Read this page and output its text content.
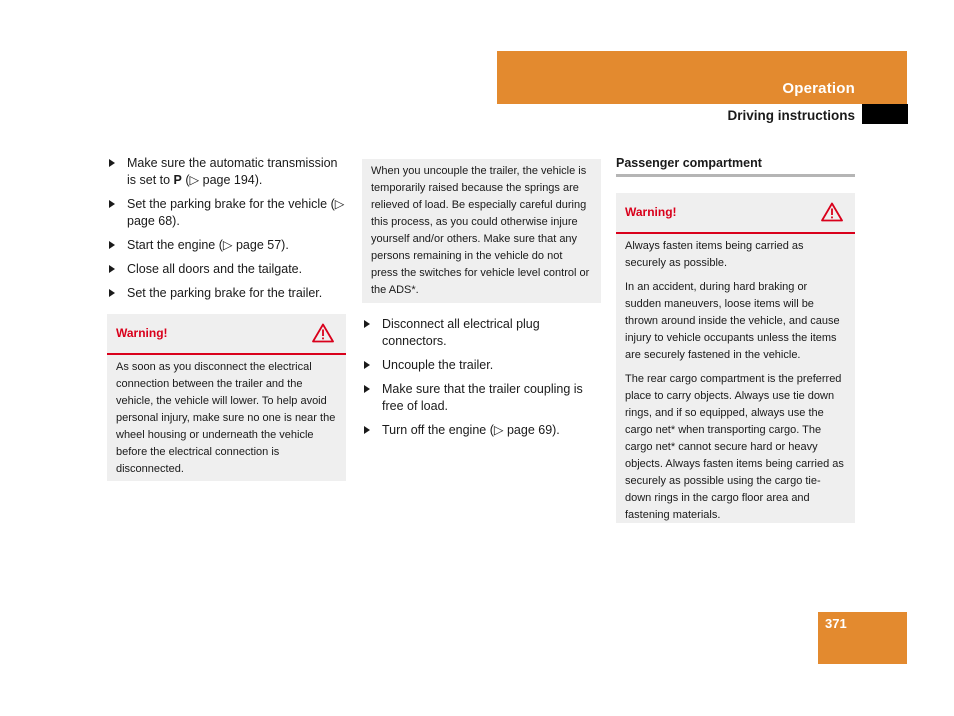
Operation
Driving instructions
Make sure the automatic transmission is set to P (▷ page 194).
Set the parking brake for the vehicle (▷ page 68).
Start the engine (▷ page 57).
Close all doors and the tailgate.
Set the parking brake for the trailer.
Warning!
As soon as you disconnect the electrical connection between the trailer and the vehicle, the vehicle will lower. To help avoid personal injury, make sure no one is near the wheel housing or underneath the vehicle before the electrical connection is disconnected.
When you uncouple the trailer, the vehicle is temporarily raised because the springs are relieved of load. Be especially careful during this process, as you could otherwise injure yourself and/or others. Make sure that any persons remaining in the vehicle do not press the switches for vehicle level control or the ADS*.
Disconnect all electrical plug connectors.
Uncouple the trailer.
Make sure that the trailer coupling is free of load.
Turn off the engine (▷ page 69).
Passenger compartment
Warning!

Always fasten items being carried as securely as possible.

In an accident, during hard braking or sudden maneuvers, loose items will be thrown around inside the vehicle, and cause injury to vehicle occupants unless the items are securely fastened in the vehicle.

The rear cargo compartment is the preferred place to carry objects. Always use tie down rings, and if so equipped, always use the cargo net* when transporting cargo. The cargo net* cannot secure hard or heavy objects. Always fasten items being carried as securely as possible using the cargo tie-down rings in the cargo floor area and fastening materials.

371
